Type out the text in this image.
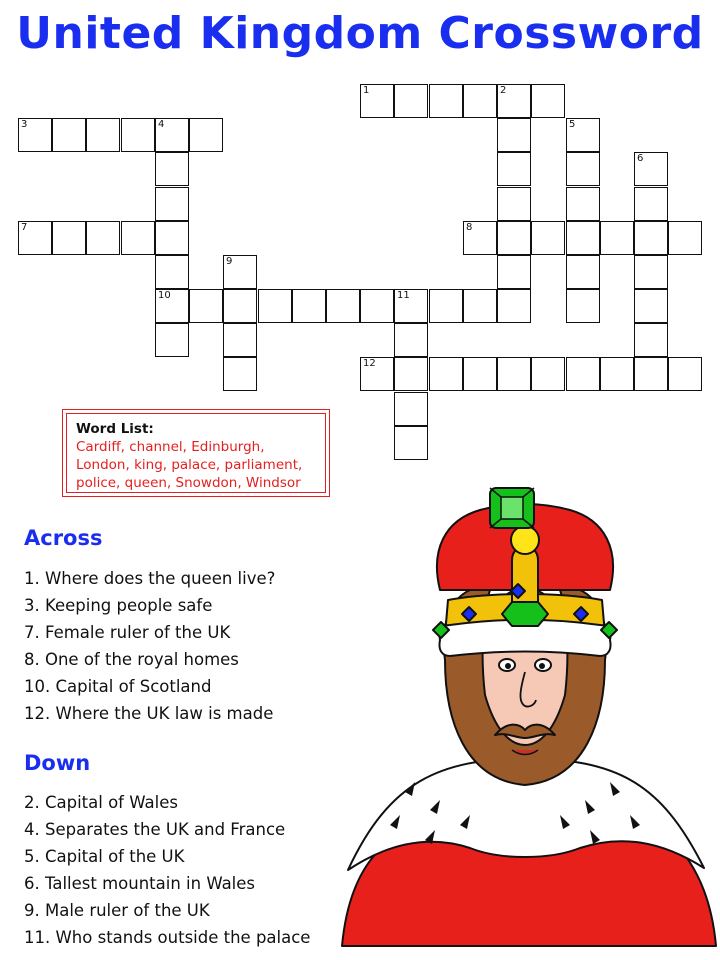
United Kingdom Crossword
1	2
3	4	5
6
7	8
9
10	11
12
Word List:
Cardiff, channel, Edinburgh,
London, king, palace, parliament,
police, queen, Snowdon, Windsor
Across
1. Where does the queen live?
3. Keeping people safe
7. Female ruler of the UK
8. One of the royal homes
10. Capital of Scotland
12. Where the UK law is made
Down
2. Capital of Wales
4. Separates the UK and France
5. Capital of the UK
6. Tallest mountain in Wales
9. Male ruler of the UK
11. Who stands outside the palace
